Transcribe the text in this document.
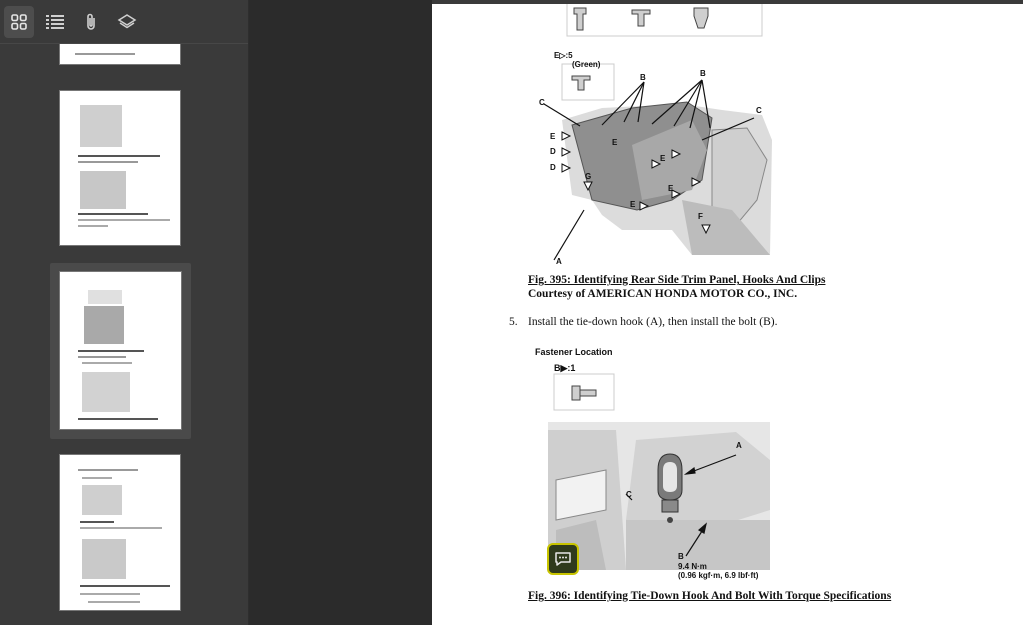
E▷:5
(Green)
B	B
C
C
E
E
D
D
G
E
E
E
F
A
Fig. 395: Identifying Rear Side Trim Panel, Hooks And Clips
Courtesy of AMERICAN HONDA MOTOR CO., INC.
5. Install the tie-down hook (A), then install the bolt (B).
Fastener Location
B▶:1
A
C
B
9.4 N·m
(0.96 kgf·m, 6.9 lbf·ft)
Fig. 396: Identifying Tie-Down Hook And Bolt With Torque Specifications
